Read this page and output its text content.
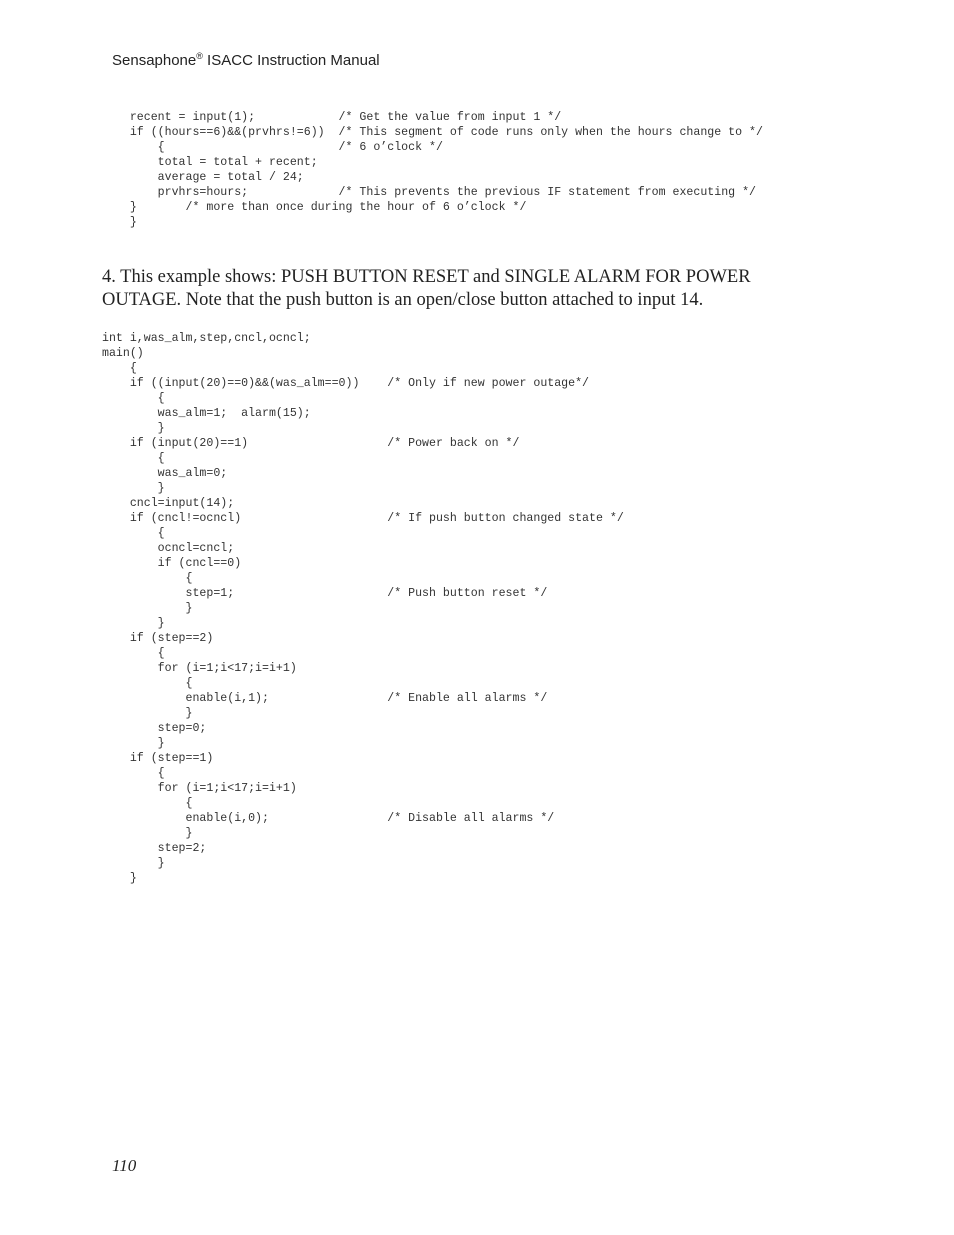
Sensaphone® ISACC Instruction Manual
recent = input(1);            /* Get the value from input 1 */
if ((hours==6)&&(prvhrs!=6))  /* This segment of code runs only when the hours change to */
{                         /* 6 o’clock */
total = total + recent;
average = total / 24;
prvhrs=hours;             /* This prevents the previous IF statement from executing */
}       /* more than once during the hour of 6 o’clock */
}

4. This example shows: PUSH BUTTON RESET and SINGLE ALARM FOR POWER OUTAGE. Note that the push button is an open/close button attached to input 14.

int i,was_alm,step,cncl,ocncl;
main()
{
if ((input(20)==0)&&(was_alm==0))    /* Only if new power outage*/
{
was_alm=1;  alarm(15);
}
if (input(20)==1)                    /* Power back on */
{
was_alm=0;
}
cncl=input(14);
if (cncl!=ocncl)                     /* If push button changed state */
{
ocncl=cncl;
if (cncl==0)
{
step=1;                      /* Push button reset */
}
}
if (step==2)
{
for (i=1;i<17;i=i+1)
{
enable(i,1);                 /* Enable all alarms */
}
step=0;
}
if (step==1)
{
for (i=1;i<17;i=i+1)
{
enable(i,0);                 /* Disable all alarms */
}
step=2;
}
}
110
